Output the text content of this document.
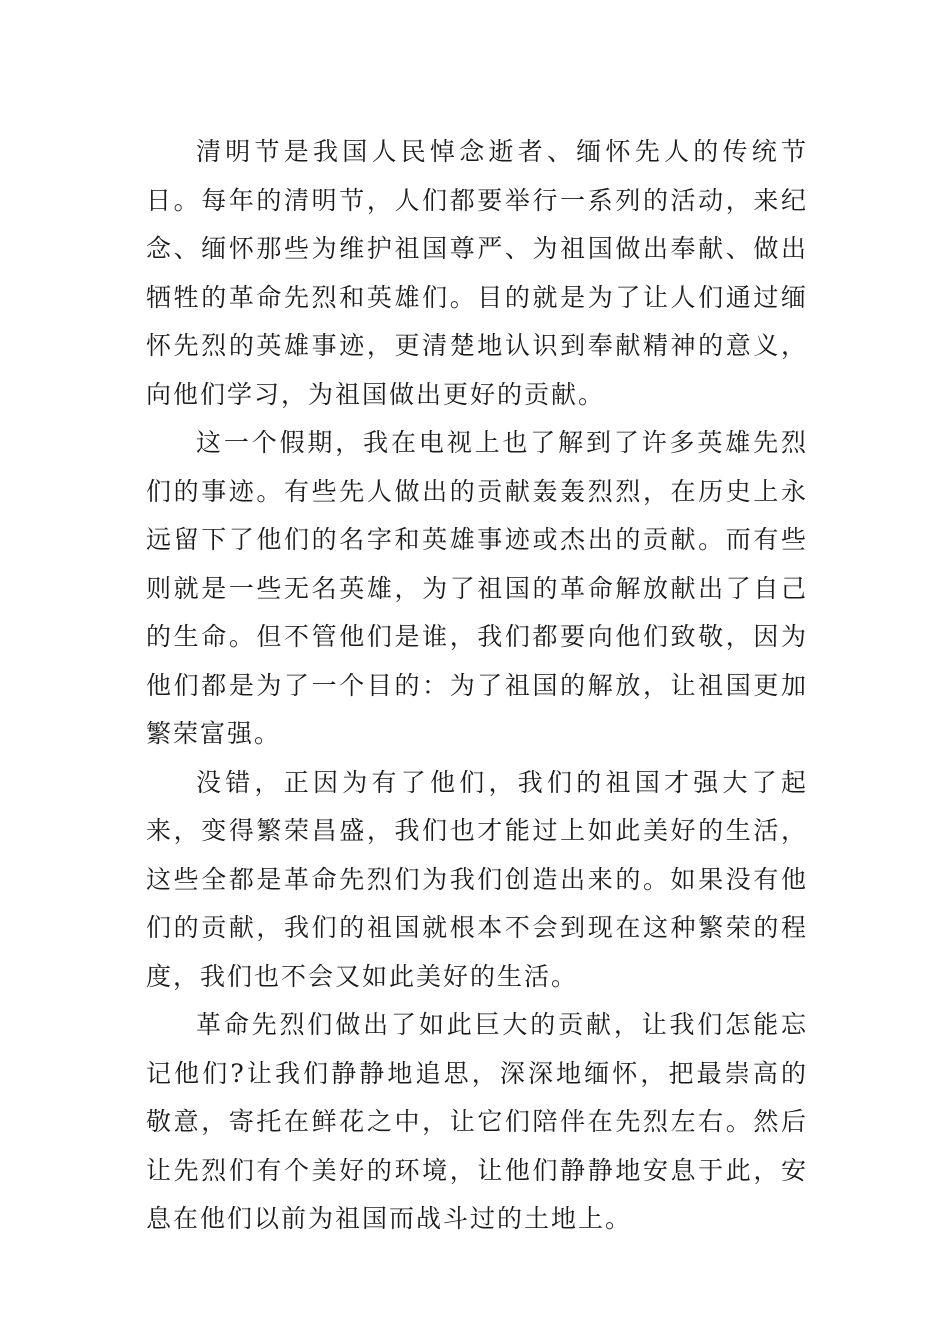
清明节是我国人民悼念逝者、缅怀先人的传统节日。每年的清明节，人们都要举行一系列的活动，来纪念、缅怀那些为维护祖国尊严、为祖国做出奉献、做出牺牲的革命先烈和英雄们。目的就是为了让人们通过缅怀先烈的英雄事迹，更清楚地认识到奉献精神的意义，向他们学习，为祖国做出更好的贡献。

这一个假期，我在电视上也了解到了许多英雄先烈们的事迹。有些先人做出的贡献轰轰烈烈，在历史上永远留下了他们的名字和英雄事迹或杰出的贡献。而有些则就是一些无名英雄，为了祖国的革命解放献出了自己的生命。但不管他们是谁，我们都要向他们致敬，因为他们都是为了一个目的：为了祖国的解放，让祖国更加繁荣富强。

没错，正因为有了他们，我们的祖国才强大了起来，变得繁荣昌盛，我们也才能过上如此美好的生活，这些全都是革命先烈们为我们创造出来的。如果没有他们的贡献，我们的祖国就根本不会到现在这种繁荣的程度，我们也不会又如此美好的生活。

革命先烈们做出了如此巨大的贡献，让我们怎能忘记他们?让我们静静地追思，深深地缅怀，把最崇高的敬意，寄托在鲜花之中，让它们陪伴在先烈左右。然后让先烈们有个美好的环境，让他们静静地安息于此，安息在他们以前为祖国而战斗过的土地上。
